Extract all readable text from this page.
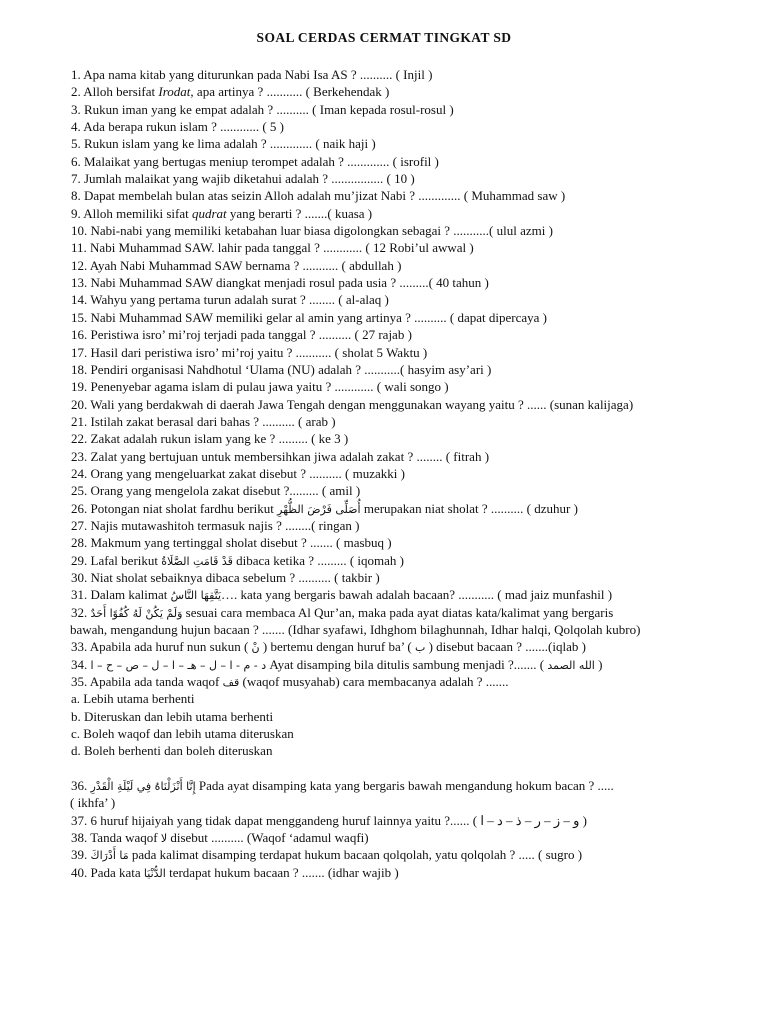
SOAL CERDAS CERMAT TINGKAT SD
1. Apa nama kitab yang diturunkan pada Nabi Isa AS ? .......... ( Injil )
2. Alloh bersifat Irodat, apa artinya ? ........... ( Berkehendak )
3. Rukun iman yang ke empat adalah ? .......... ( Iman kepada rosul-rosul )
4. Ada berapa rukun islam ? ............ ( 5 )
5. Rukun islam yang ke lima adalah ? ............. ( naik haji )
6. Malaikat yang bertugas meniup terompet adalah ? ............. ( isrofil )
7. Jumlah malaikat yang wajib diketahui adalah ? ................ ( 10 )
8. Dapat membelah bulan atas seizin Alloh adalah mu’jizat Nabi ? ............. ( Muhammad saw )
9. Alloh memiliki sifat qudrat yang berarti ? .......( kuasa )
10. Nabi-nabi yang memiliki ketabahan luar biasa digolongkan sebagai ? ...........( ulul azmi )
11. Nabi Muhammad SAW. lahir pada tanggal ? ............ ( 12 Robi’ul awwal )
12. Ayah Nabi Muhammad SAW bernama ? ........... ( abdullah )
13. Nabi Muhammad SAW diangkat menjadi rosul pada usia ? .........( 40 tahun )
14. Wahyu yang pertama turun adalah surat ? ........ ( al-alaq )
15. Nabi Muhammad SAW memiliki gelar al amin yang artinya ? .......... ( dapat dipercaya )
16. Peristiwa isro’ mi’roj terjadi pada tanggal ? .......... ( 27 rajab )
17. Hasil dari peristiwa isro’ mi’roj yaitu ? ........... ( sholat 5 Waktu )
18. Pendiri organisasi Nahdhotul ‘Ulama (NU) adalah ? ...........( hasyim asy’ari )
19. Penenyebar agama islam di pulau jawa yaitu ? ............ ( wali songo )
20. Wali yang berdakwah di daerah Jawa Tengah dengan menggunakan wayang yaitu ? ...... (sunan kalijaga)
21. Istilah zakat berasal dari bahas ? .......... ( arab )
22. Zakat adalah rukun islam yang ke ? ......... ( ke 3 )
23. Zalat yang bertujuan untuk membersihkan jiwa adalah zakat ? ........ ( fitrah )
24. Orang yang mengeluarkat zakat disebut ? .......... ( muzakki )
25. Orang yang mengelola zakat disebut ?......... ( amil )
26. Potongan niat sholat fardhu berikut أُصَلِّى فَرْضَ الظُّهْرِ merupakan niat sholat ? .......... ( dzuhur )
27. Najis mutawashitoh termasuk najis ? ........( ringan )
28. Makmum yang tertinggal sholat disebut ? ....... ( masbuq )
29. Lafal berikut قَدْ قَامَتِ الصَّلَاةُ dibaca ketika ? ......... ( iqomah )
30. Niat sholat sebaiknya dibaca sebelum ? .......... ( takbir )
31. Dalam kalimat يَتَّقِهَا النَّاسُ…. kata yang bergaris bawah adalah bacaan? ........... ( mad jaiz munfashil )
32. وَلَمْ يَكُنْ لَهُ كُفُوًا أَحَدٌ sesuai cara membaca Al Qur’an, maka pada ayat diatas kata/kalimat yang bergaris
bawah, mengandung hujun bacaan ? ....... (Idhar syafawi, Idhghom bilaghunnah, Idhar halqi, Qolqolah kubro)
33. Apabila ada huruf nun sukun ( نْ ) bertemu dengan huruf ba’ ( ب ) disebut bacaan ? .......(iqlab )
34. د - م - ا – ل – هـ – ا – ل – ص – ح – ا Ayat disamping bila ditulis sambung menjadi ?....... ( الله الصمد )
35. Apabila ada tanda waqof قف (waqof musyahab) cara membacanya adalah ? .......
a. Lebih utama berhenti
b. Diteruskan dan lebih utama berhenti
c. Boleh waqof dan lebih utama diteruskan
d. Boleh berhenti dan boleh diteruskan
36. إِنَّا أَنْزَلْنَاهُ فِي لَيْلَةِ الْقَدْرِ Pada ayat disamping kata yang bergaris bawah mengandung hokum bacan ? .....
( ikhfa’ )
37. 6 huruf hijaiyah yang tidak dapat menggandeng huruf lainnya yaitu ?...... ( و – ز – ر – ذ – د – ا )
38. Tanda waqof لا disebut .......... (Waqof ‘adamul waqfi)
39. مَا أَدْرَاكَ pada kalimat disamping terdapat hukum bacaan qolqolah, yatu qolqolah ? ..... ( sugro )
40. Pada kata الدُّنْيَا terdapat hukum bacaan ? ....... (idhar wajib )
